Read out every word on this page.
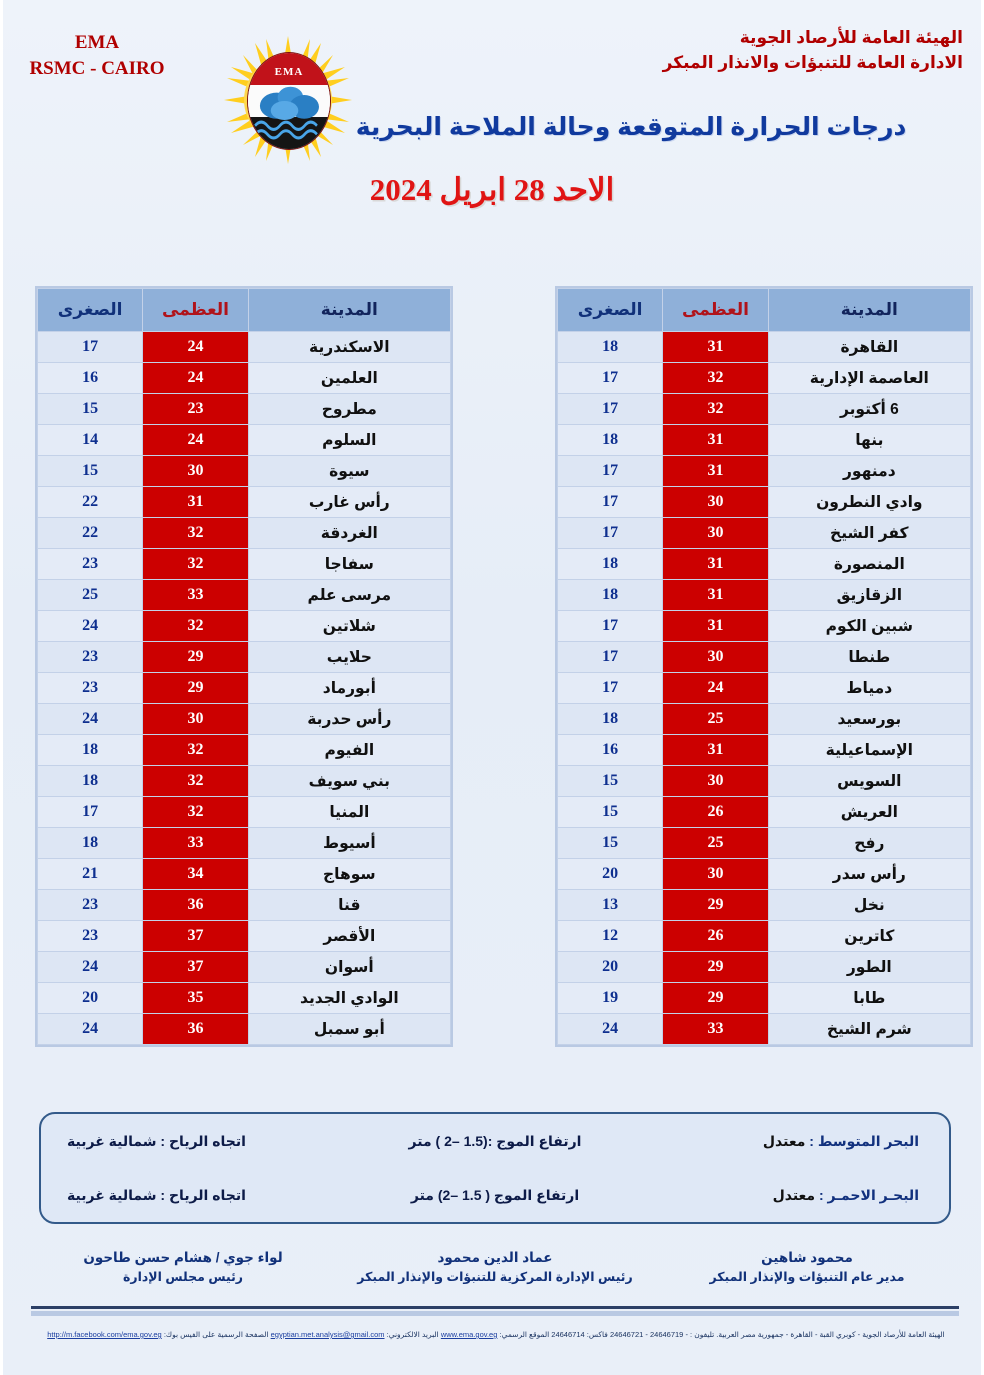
EMA
RSMC - CAIRO	EMA
الهيئة العامة للأرصاد الجوية
الادارة العامة للتنبؤات والانذار المبكر
درجات الحرارة المتوقعة وحالة الملاحة البحرية
الاحد 28 ابريل 2024
المدينة	العظمى	الصغرى
الاسكندرية	24	17
العلمين	24	16
مطروح	23	15
السلوم	24	14
سيوة	30	15
رأس غارب	31	22
الغردقة	32	22
سفاجا	32	23
مرسى علم	33	25
شلاتين	32	24
حلايب	29	23
أبورماد	29	23
رأس حدربة	30	24
الفيوم	32	18
بني سويف	32	18
المنيا	32	17
أسيوط	33	18
سوهاج	34	21
قنا	36	23
الأقصر	37	23
أسوان	37	24
الوادي الجديد	35	20
أبو سمبل	36	24
المدينة	العظمى	الصغرى
القاهرة	31	18
العاصمة الإدارية	32	17
6 أكتوبر	32	17
بنها	31	18
دمنهور	31	17
وادي النطرون	30	17
كفر الشيخ	30	17
المنصورة	31	18
الزقازيق	31	18
شبين الكوم	31	17
طنطا	30	17
دمياط	24	17
بورسعيد	25	18
الإسماعيلية	31	16
السويس	30	15
العريش	26	15
رفح	25	15
رأس سدر	30	20
نخل	29	13
كاترين	26	12
الطور	29	20
طابا	29	19
شرم الشيخ	33	24
البحر المتوسط : معتدل
ارتفاع الموج :(1.5 –2 ) متر
اتجاه الرياح : شمالية غربية
البحـر الاحمـر : معتدل
ارتفاع الموج ( 1.5 –2) متر
اتجاه الرياح : شمالية غربية
محمود شاهين
مدير عام التنبؤات والإنذار المبكر
عماد الدين محمود
رئيس الإدارة المركزية للتنبؤات والإنذار المبكر
لواء جوي / هشام حسن طاحون
رئيس مجلس الإدارة
الهيئة العامة للأرصاد الجوية - كوبري القبة - القاهرة - جمهورية مصر العربية. تليفون : - 24646719 - 24646721 فاكس: 24646714 الموقع الرسمي: www.ema.gov.eg البريد الالكتروني: egyptian.met.analysis@gmail.com الصفحة الرسمية على الفيس بوك: http://m.facebook.com/ema.gov.eg
